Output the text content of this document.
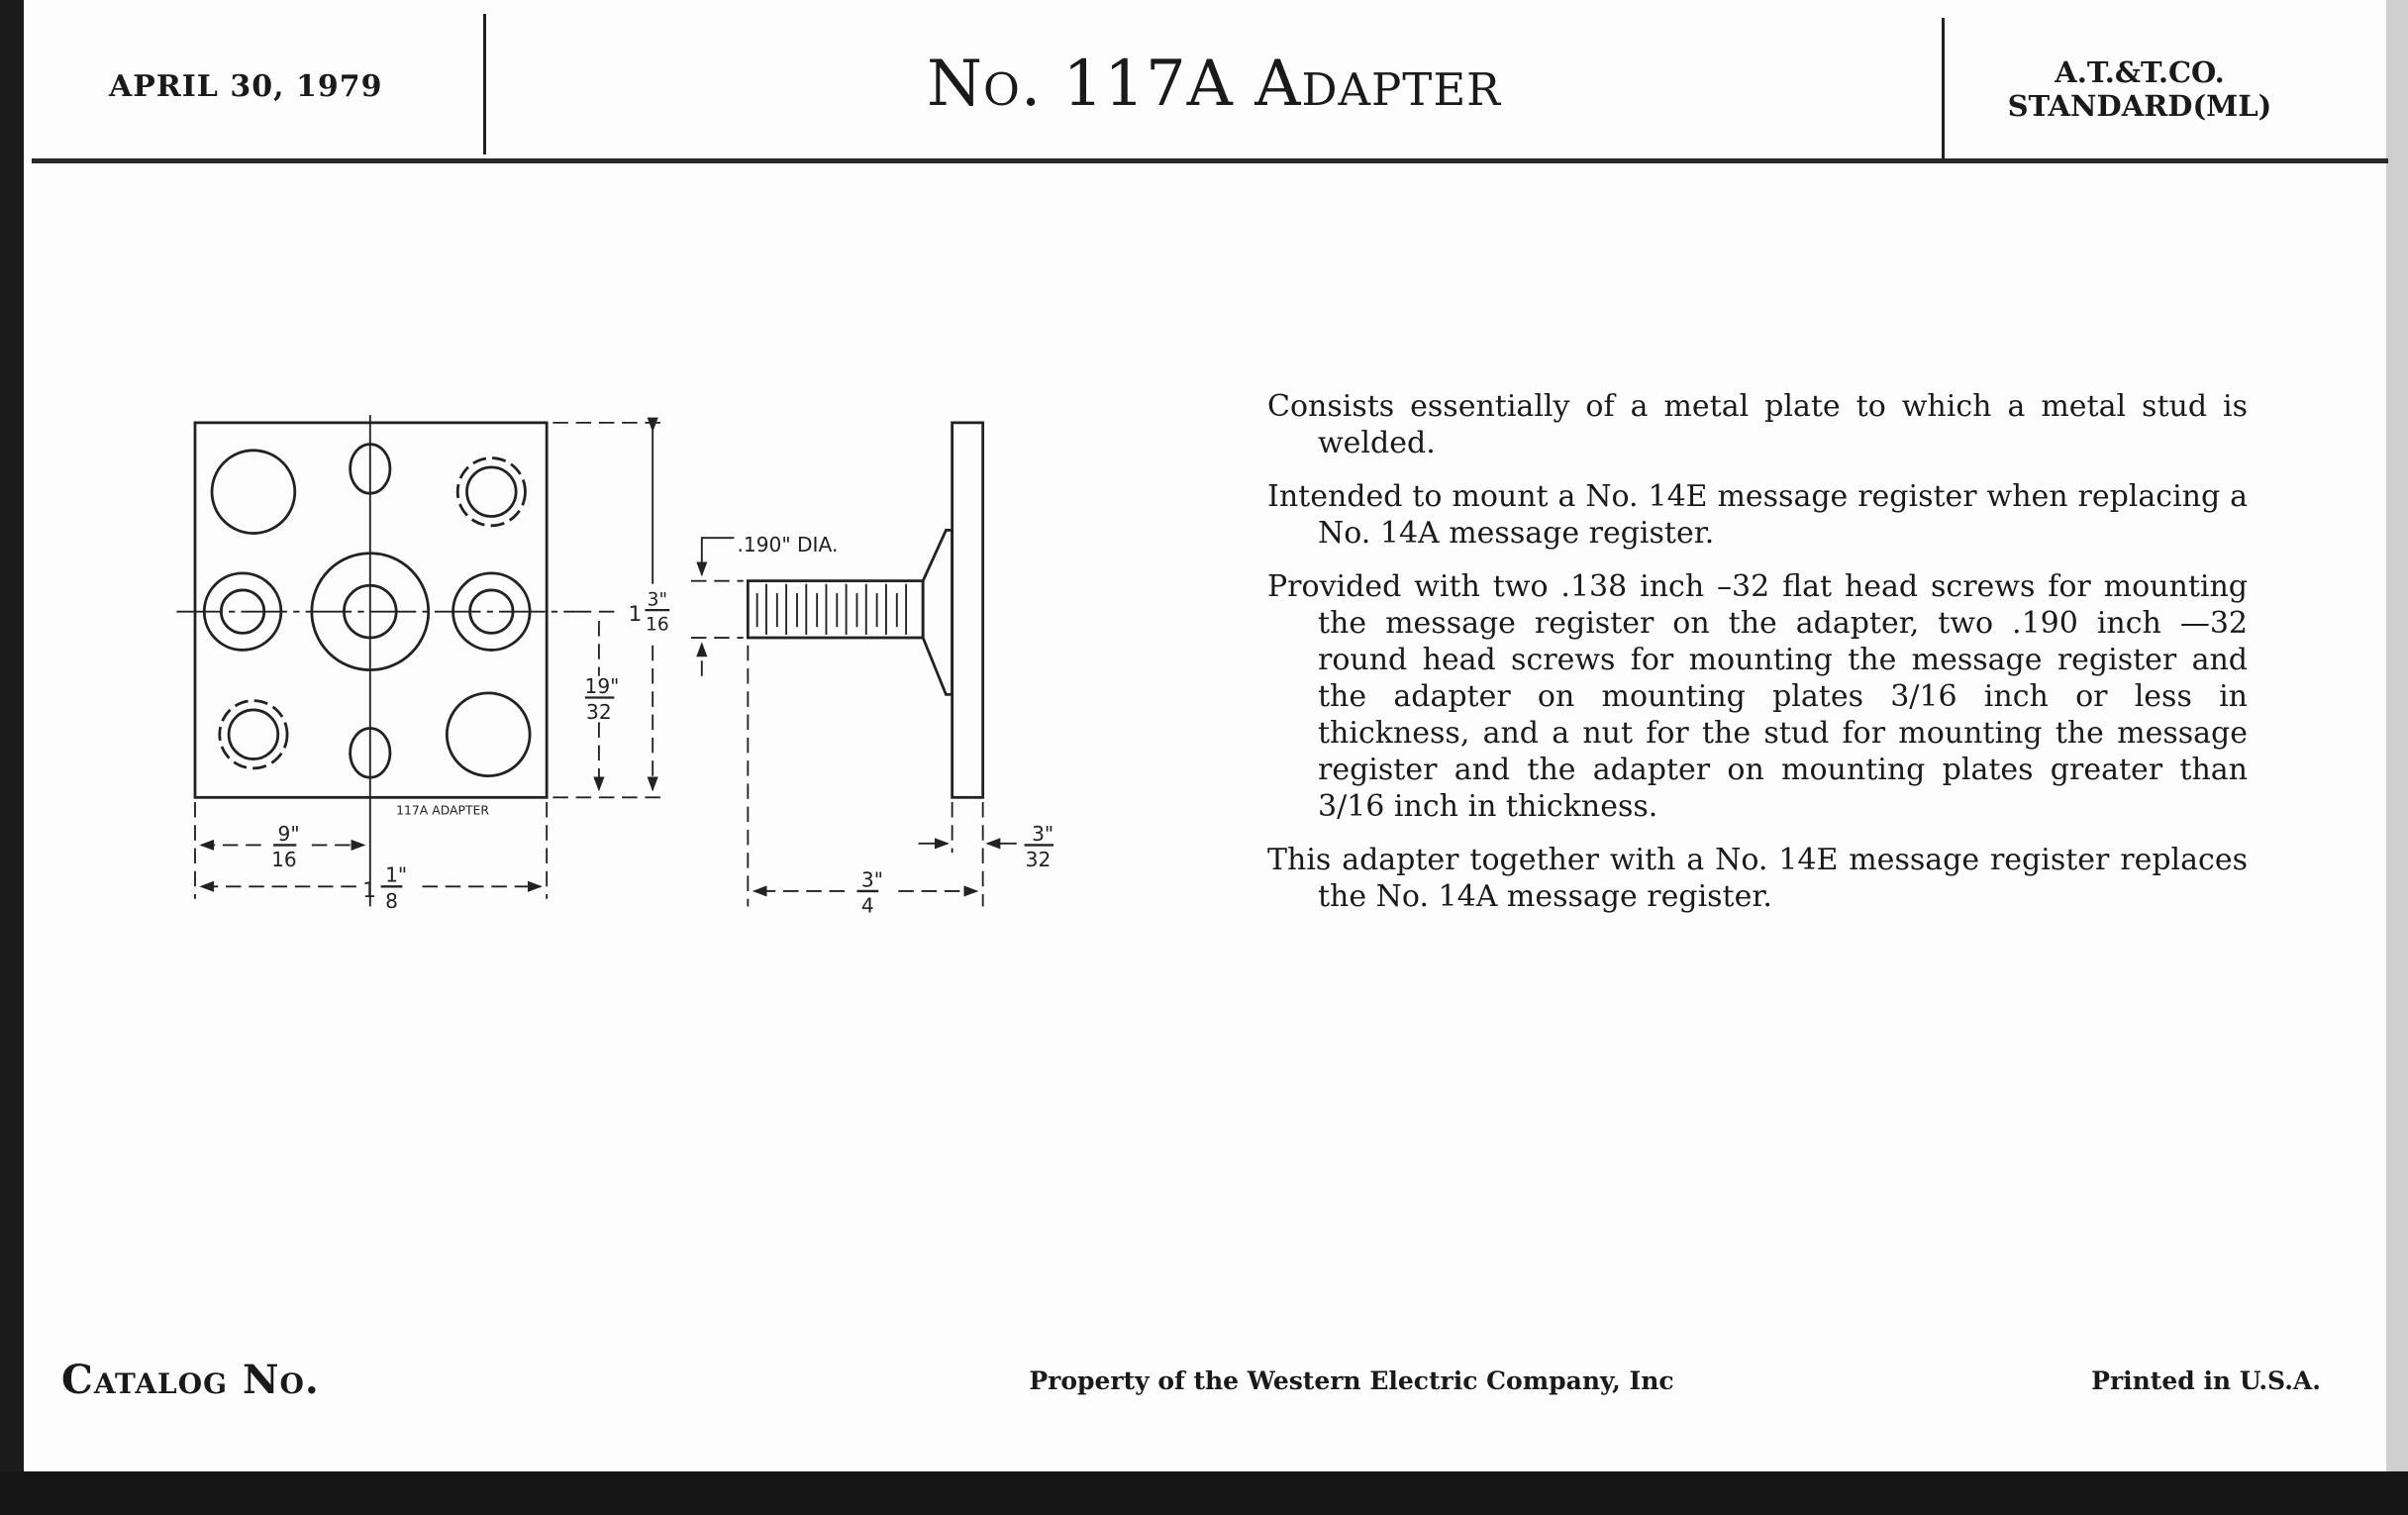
APRIL 30, 1979	No. 117A Adapter	A.T.&T.CO.
STANDARD(ML)
117A ADAPTER
1
3"
16
19"
32
9"
16
1
1"
8
.190" DIA.
3"
32
3"
4

Consists essentially of a metal plate to which a metal stud is welded.

Intended to mount a No. 14E message register when replacing a No. 14A message register.

Provided with two .138 inch –32 flat head screws for mounting the message register on the adapter, two .190 inch —32 round head screws for mounting the message register and the adapter on mounting plates 3/16 inch or less in thickness, and a nut for the stud for mounting the message register and the adapter on mounting plates greater than 3/16 inch in thickness.

This adapter together with a No. 14E message register replaces the No. 14A message register.

Catalog No.	Property of the Western Electric Company, Inc	Printed in U.S.A.
